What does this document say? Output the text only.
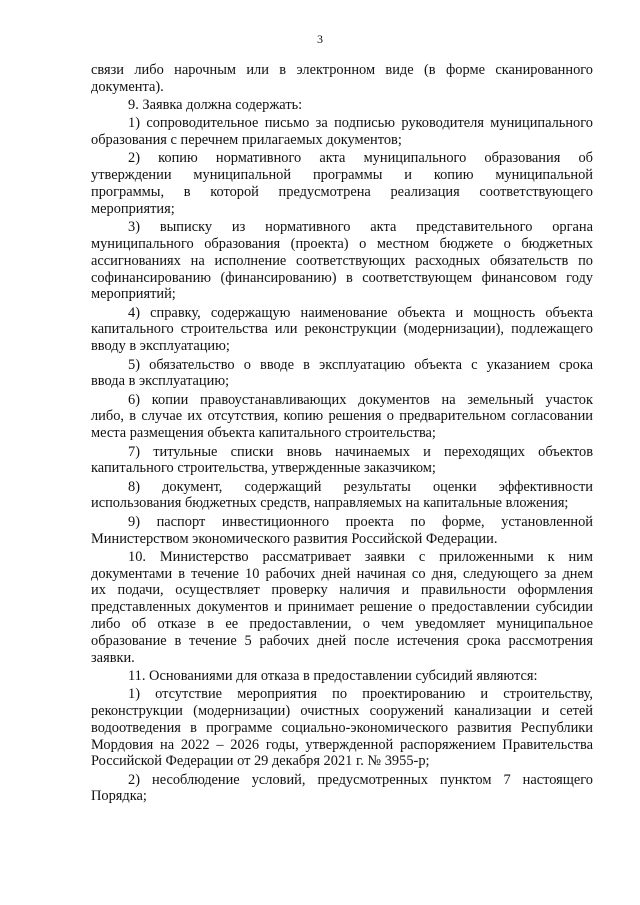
3
связи либо нарочным или в электронном виде (в форме сканированного
документа).
9. Заявка должна содержать:
1) сопроводительное письмо за подписью руководителя муниципального
образования с перечнем прилагаемых документов;
2) копию нормативного акта муниципального образования об
утверждении муниципальной программы и копию муниципальной
программы, в которой предусмотрена реализация соответствующего
мероприятия;
3) выписку из нормативного акта представительного органа
муниципального образования (проекта) о местном бюджете о бюджетных
ассигнованиях на исполнение соответствующих расходных обязательств по
софинансированию (финансированию) в соответствующем финансовом году
мероприятий;
4) справку, содержащую наименование объекта и мощность объекта
капитального строительства или реконструкции (модернизации), подлежащего
вводу в эксплуатацию;
5) обязательство о вводе в эксплуатацию объекта с указанием срока
ввода в эксплуатацию;
6) копии правоустанавливающих документов на земельный участок
либо, в случае их отсутствия, копию решения о предварительном согласовании
места размещения объекта капитального строительства;
7) титульные списки вновь начинаемых и переходящих объектов
капитального строительства, утвержденные заказчиком;
8) документ, содержащий результаты оценки эффективности
использования бюджетных средств, направляемых на капитальные вложения;
9) паспорт инвестиционного проекта по форме, установленной
Министерством экономического развития Российской Федерации.
10. Министерство рассматривает заявки с приложенными к ним
документами в течение 10 рабочих дней начиная со дня, следующего за днем
их подачи, осуществляет проверку наличия и правильности оформления
представленных документов и принимает решение о предоставлении субсидии
либо об отказе в ее предоставлении, о чем уведомляет муниципальное
образование в течение 5 рабочих дней после истечения срока рассмотрения
заявки.
11. Основаниями для отказа в предоставлении субсидий являются:
1) отсутствие мероприятия по проектированию и строительству,
реконструкции (модернизации) очистных сооружений канализации и сетей
водоотведения в программе социально-экономического развития Республики
Мордовия на 2022 – 2026 годы, утвержденной распоряжением Правительства
Российской Федерации от 29 декабря 2021 г. № 3955-р;
2) несоблюдение условий, предусмотренных пунктом 7 настоящего
Порядка;
